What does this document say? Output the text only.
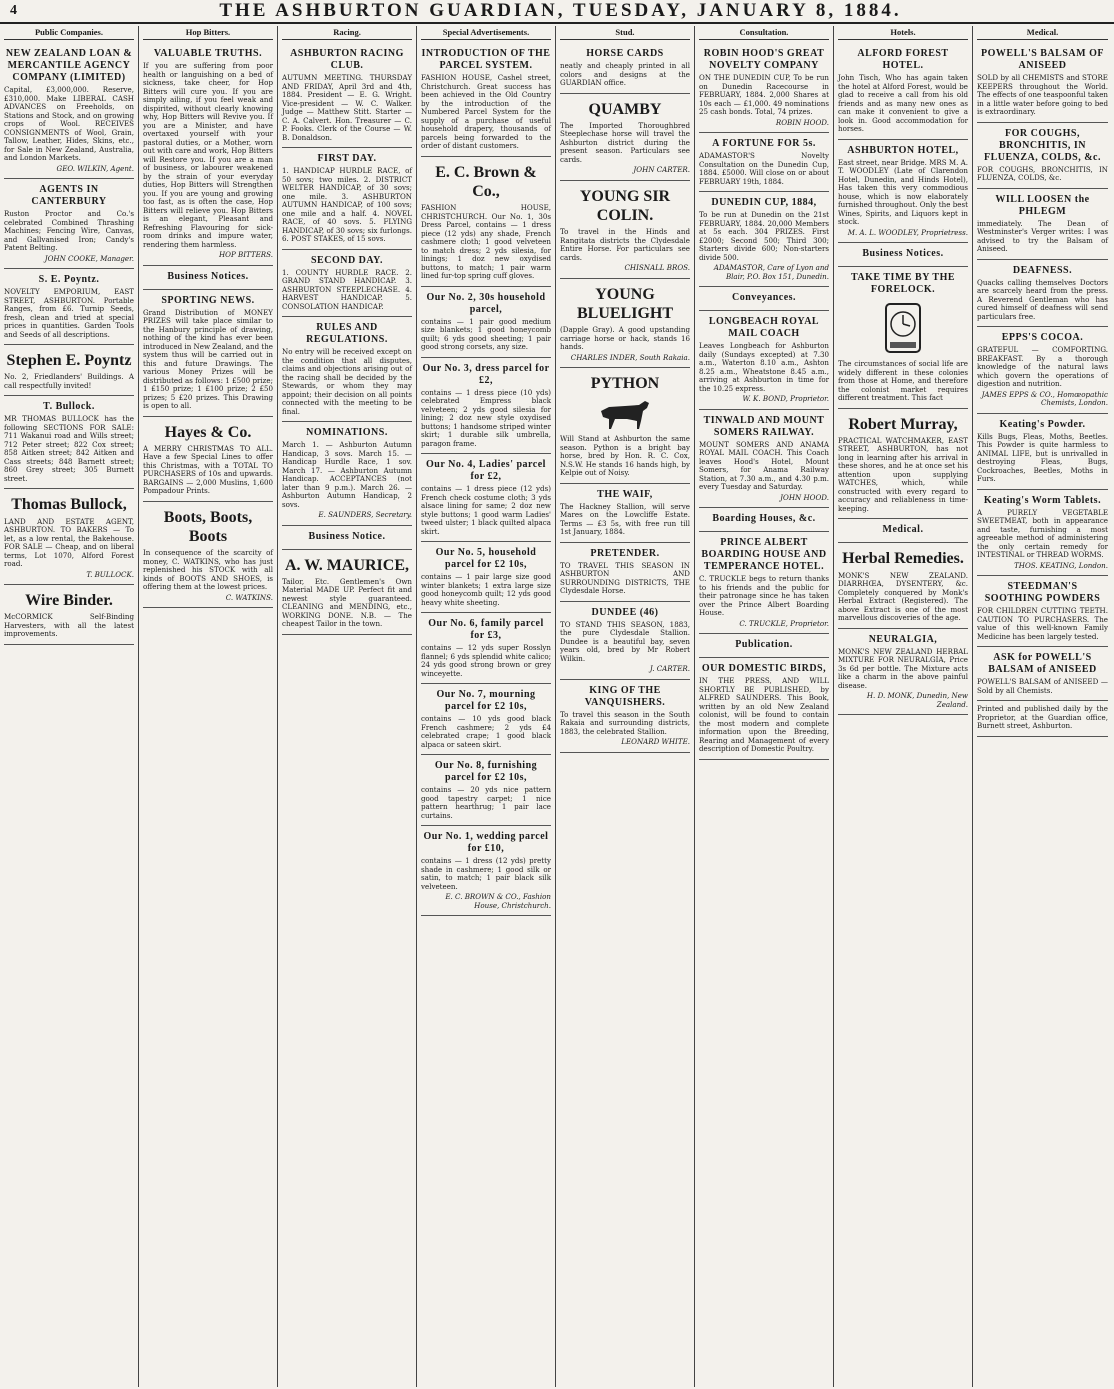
4	THE ASHBURTON GUARDIAN, TUESDAY, JANUARY 8, 1884.
Public Companies.
NEW ZEALAND LOAN & MERCANTILE AGENCY COMPANY (LIMITED)

Capital, £3,000,000. Reserve, £310,000. Make LIBERAL CASH ADVANCES on Freeholds, on Stations and Stock, and on growing crops of Wool. RECEIVES CONSIGNMENTS of Wool, Grain, Tallow, Leather, Hides, Skins, etc., for Sale in New Zealand, Australia, and London Markets.

GEO. WILKIN, Agent.

AGENTS IN CANTERBURY

Ruston Proctor and Co.'s celebrated Combined Thrashing Machines; Fencing Wire, Canvas, and Gallvanised Iron; Candy's Patent Belting.

JOHN COOKE, Manager.

S. E. Poyntz.

NOVELTY EMPORIUM, EAST STREET, ASHBURTON. Portable Ranges, from £6. Turnip Seeds, fresh, clean and tried at special prices in quantities. Garden Tools and Seeds of all descriptions.

Stephen E. Poyntz

No. 2, Friedlanders' Buildings. A call respectfully invited!

T. Bullock.

MR THOMAS BULLOCK has the following SECTIONS FOR SALE: 711 Wakanui road and Wills street; 712 Peter street; 822 Cox street; 858 Aitken street; 842 Aitken and Cass streets; 848 Barnett street; 860 Grey street; 305 Burnett street.

Thomas Bullock,

LAND AND ESTATE AGENT, ASHBURTON. TO BAKERS — To let, as a low rental, the Bakehouse. FOR SALE — Cheap, and on liberal terms, Lot 1070, Alford Forest road.

T. BULLOCK.

Wire Binder.

McCORMICK Self-Binding Harvesters, with all the latest improvements.

Hop Bitters.
VALUABLE TRUTHS.

If you are suffering from poor health or languishing on a bed of sickness, take cheer, for Hop Bitters will cure you. If you are simply ailing, if you feel weak and dispirited, without clearly knowing why, Hop Bitters will Revive you. If you are a Minister, and have overtaxed yourself with your pastoral duties, or a Mother, worn out with care and work, Hop Bitters will Restore you. If you are a man of business, or labourer weakened by the strain of your everyday duties, Hop Bitters will Strengthen you. If you are young and growing too fast, as is often the case, Hop Bitters will relieve you. Hop Bitters is an elegant, Pleasant and Refreshing Flavouring for sick-room drinks and impure water, rendering them harmless.

HOP BITTERS.

Business Notices.
SPORTING NEWS.

Grand Distribution of MONEY PRIZES will take place similar to the Hanbury principle of drawing, nothing of the kind has ever been introduced in New Zealand, and the system thus will be carried out in this and future Drawings. The various Money Prizes will be distributed as follows: 1 £500 prize; 1 £150 prize; 1 £100 prize; 2 £50 prizes; 5 £20 prizes. This Drawing is open to all.

Hayes & Co.

A MERRY CHRISTMAS TO ALL. Have a few Special Lines to offer this Christmas, with a TOTAL TO PURCHASERS of 10s and upwards. BARGAINS — 2,000 Muslins, 1,600 Pompadour Prints.

Boots, Boots, Boots

In consequence of the scarcity of money, C. WATKINS, who has just replenished his STOCK with all kinds of BOOTS AND SHOES, is offering them at the lowest prices.

C. WATKINS.

Racing.
ASHBURTON RACING CLUB.

AUTUMN MEETING. THURSDAY AND FRIDAY, April 3rd and 4th, 1884. President — E. G. Wright. Vice-president — W. C. Walker. Judge — Matthew Stitt. Starter — C. A. Calvert. Hon. Treasurer — C. P. Fooks. Clerk of the Course — W. B. Donaldson.

FIRST DAY.

1. HANDICAP HURDLE RACE, of 50 sovs; two miles. 2. DISTRICT WELTER HANDICAP, of 30 sovs; one mile. 3. ASHBURTON AUTUMN HANDICAP, of 100 sovs; one mile and a half. 4. NOVEL RACE, of 40 sovs. 5. FLYING HANDICAP, of 30 sovs; six furlongs. 6. POST STAKES, of 15 sovs.

SECOND DAY.

1. COUNTY HURDLE RACE. 2. GRAND STAND HANDICAP. 3. ASHBURTON STEEPLECHASE. 4. HARVEST HANDICAP. 5. CONSOLATION HANDICAP.

RULES AND REGULATIONS.

No entry will be received except on the condition that all disputes, claims and objections arising out of the racing shall be decided by the Stewards, or whom they may appoint; their decision on all points connected with the meeting to be final.

NOMINATIONS.

March 1. — Ashburton Autumn Handicap, 3 sovs. March 15. — Handicap Hurdle Race, 1 sov. March 17. — Ashburton Autumn Handicap. ACCEPTANCES (not later than 9 p.m.). March 26. — Ashburton Autumn Handicap, 2 sovs.

E. SAUNDERS, Secretary.

Business Notice.
A. W. MAURICE,

Tailor, Etc. Gentlemen's Own Material MADE UP. Perfect fit and newest style guaranteed. CLEANING and MENDING, etc., WORKING DONE. N.B. — The cheapest Tailor in the town.

Special Advertisements.
INTRODUCTION OF THE PARCEL SYSTEM.

FASHION HOUSE, Cashel street, Christchurch. Great success has been achieved in the Old Country by the introduction of the Numbered Parcel System for the supply of a purchase of useful household drapery, thousands of parcels being forwarded to the order of distant customers.

E. C. Brown & Co.,

FASHION HOUSE, CHRISTCHURCH. Our No. 1, 30s Dress Parcel, contains — 1 dress piece (12 yds) any shade, French cashmere cloth; 1 good velveteen to match dress; 2 yds silesia, for linings; 1 doz new oxydised buttons, to match; 1 pair warm lined fur-top spring cuff gloves.

Our No. 2, 30s household parcel,

contains — 1 pair good medium size blankets; 1 good honeycomb quilt; 6 yds good sheeting; 1 pair good strong corsets, any size.

Our No. 3, dress parcel for £2,

contains — 1 dress piece (10 yds) celebrated Empress black velveteen; 2 yds good silesia for lining; 2 doz new style oxydised buttons; 1 handsome striped winter skirt; 1 durable silk umbrella, paragon frame.

Our No. 4, Ladies' parcel for £2,

contains — 1 dress piece (12 yds) French check costume cloth; 3 yds alsace lining for same; 2 doz new style buttons; 1 good warm Ladies' tweed ulster; 1 black quilted alpaca skirt.

Our No. 5, household parcel for £2 10s,

contains — 1 pair large size good winter blankets; 1 extra large size good honeycomb quilt; 12 yds good heavy white sheeting.

Our No. 6, family parcel for £3,

contains — 12 yds super Rosslyn flannel; 6 yds splendid white calico; 24 yds good strong brown or grey winceyette.

Our No. 7, mourning parcel for £2 10s,

contains — 10 yds good black French cashmere; 2 yds £4 celebrated crape; 1 good black alpaca or sateen skirt.

Our No. 8, furnishing parcel for £2 10s,

contains — 20 yds nice pattern good tapestry carpet; 1 nice pattern hearthrug; 1 pair lace curtains.

Our No. 1, wedding parcel for £10,

contains — 1 dress (12 yds) pretty shade in cashmere; 1 good silk or satin, to match; 1 pair black silk velveteen.

E. C. BROWN & CO., Fashion House, Christchurch.

Stud.
HORSE CARDS

neatly and cheaply printed in all colors and designs at the GUARDIAN office.

QUAMBY

The Imported Thoroughbred Steeplechase horse will travel the Ashburton district during the present season. Particulars see cards.

JOHN CARTER.

YOUNG SIR COLIN.

To travel in the Hinds and Rangitata districts the Clydesdale Entire Horse. For particulars see cards.

CHISNALL BROS.

YOUNG BLUELIGHT

(Dapple Gray). A good upstanding carriage horse or hack, stands 16 hands.

CHARLES INDER, South Rakaia.

PYTHON

Will Stand at Ashburton the same season. Python is a bright bay horse, bred by Hon. R. C. Cox, N.S.W. He stands 16 hands high, by Kelpie out of Noisy.

THE WAIF,

The Hackney Stallion, will serve Mares on the Lowcliffe Estate. Terms — £3 5s, with free run till 1st January, 1884.

PRETENDER.

TO TRAVEL THIS SEASON IN ASHBURTON AND SURROUNDING DISTRICTS, THE Clydesdale Horse.

DUNDEE (46)

TO STAND THIS SEASON, 1883, the pure Clydesdale Stallion. Dundee is a beautiful bay, seven years old, bred by Mr Robert Wilkin.

J. CARTER.

KING OF THE VANQUISHERS.

To travel this season in the South Rakaia and surrounding districts, 1883, the celebrated Stallion.

LEONARD WHITE.

Consultation.
ROBIN HOOD'S GREAT NOVELTY COMPANY

ON THE DUNEDIN CUP, To be run on Dunedin Racecourse in FEBRUARY, 1884. 2,000 Shares at 10s each — £1,000. 49 nominations 25 cash bonds. Total, 74 prizes.

ROBIN HOOD.

A FORTUNE FOR 5s.

ADAMASTOR'S Novelty Consultation on the Dunedin Cup, 1884. £5000. Will close on or about FEBRUARY 19th, 1884.

DUNEDIN CUP, 1884,

To be run at Dunedin on the 21st FEBRUARY, 1884. 20,000 Members at 5s each. 304 PRIZES. First £2000; Second 500; Third 300; Starters divide 600; Non-starters divide 500.

ADAMASTOR, Care of Lyon and Blair, P.O. Box 151, Dunedin.

Conveyances.
LONGBEACH ROYAL MAIL COACH

Leaves Longbeach for Ashburton daily (Sundays excepted) at 7.30 a.m., Waterton 8.10 a.m., Ashton 8.25 a.m., Wheatstone 8.45 a.m., arriving at Ashburton in time for the 10.25 express.

W. K. BOND, Proprietor.

TINWALD AND MOUNT SOMERS RAILWAY.

MOUNT SOMERS AND ANAMA ROYAL MAIL COACH. This Coach leaves Hood's Hotel, Mount Somers, for Anama Railway Station, at 7.30 a.m., and 4.30 p.m. every Tuesday and Saturday.

JOHN HOOD.

Boarding Houses, &c.
PRINCE ALBERT BOARDING HOUSE AND TEMPERANCE HOTEL.

C. TRUCKLE begs to return thanks to his friends and the public for their patronage since he has taken over the Prince Albert Boarding House.

C. TRUCKLE, Proprietor.

Publication.
OUR DOMESTIC BIRDS,

IN THE PRESS, AND WILL SHORTLY BE PUBLISHED, by ALFRED SAUNDERS. This Book, written by an old New Zealand colonist, will be found to contain the most modern and complete information upon the Breeding, Rearing and Management of every description of Domestic Poultry.

Hotels.
ALFORD FOREST HOTEL.

John Tisch, Who has again taken the hotel at Alford Forest, would be glad to receive a call from his old friends and as many new ones as can make it convenient to give a look in. Good accommodation for horses.

ASHBURTON HOTEL,

East street, near Bridge. MRS M. A. T. WOODLEY (Late of Clarendon Hotel, Dunedin, and Hinds Hotel), Has taken this very commodious house, which is now elaborately furnished throughout. Only the best Wines, Spirits, and Liquors kept in stock.

M. A. L. WOODLEY, Proprietress.

Business Notices.
TAKE TIME BY THE FORELOCK.

The circumstances of social life are widely different in these colonies from those at Home, and therefore the colonist market requires different treatment. This fact

Robert Murray,

PRACTICAL WATCHMAKER, EAST STREET, ASHBURTON, has not long in learning after his arrival in these shores, and he at once set his attention upon supplying WATCHES, which, while constructed with every regard to accuracy and reliableness in time-keeping.

Medical.
Herbal Remedies.

MONK'S NEW ZEALAND. DIARRHŒA, DYSENTERY, &c. Completely conquered by Monk's Herbal Extract (Registered). The above Extract is one of the most marvellous discoveries of the age.

NEURALGIA,

MONK'S NEW ZEALAND HERBAL MIXTURE FOR NEURALGIA, Price 3s 6d per bottle. The Mixture acts like a charm in the above painful disease.

H. D. MONK, Dunedin, New Zealand.

Medical.
POWELL'S BALSAM OF ANISEED

SOLD by all CHEMISTS and STORE KEEPERS throughout the World. The effects of one teaspoonful taken in a little water before going to bed is extraordinary.

FOR COUGHS, BRONCHITIS, IN FLUENZA, COLDS, &c.

FOR COUGHS, BRONCHITIS, IN FLUENZA, COLDS, &c.

WILL LOOSEN the PHLEGM

immediately. The Dean of Westminster's Verger writes: I was advised to try the Balsam of Aniseed.

DEAFNESS.

Quacks calling themselves Doctors are scarcely heard from the press. A Reverend Gentleman who has cured himself of deafness will send particulars free.

EPPS'S COCOA.

GRATEFUL — COMFORTING. BREAKFAST. By a thorough knowledge of the natural laws which govern the operations of digestion and nutrition.

JAMES EPPS & CO., Homœopathic Chemists, London.

Keating's Powder.

Kills Bugs, Fleas, Moths, Beetles. This Powder is quite harmless to ANIMAL LIFE, but is unrivalled in destroying Fleas, Bugs, Cockroaches, Beetles, Moths in Furs.

Keating's Worm Tablets.

A PURELY VEGETABLE SWEETMEAT, both in appearance and taste, furnishing a most agreeable method of administering the only certain remedy for INTESTINAL or THREAD WORMS.

THOS. KEATING, London.

STEEDMAN'S SOOTHING POWDERS

FOR CHILDREN CUTTING TEETH. CAUTION TO PURCHASERS. The value of this well-known Family Medicine has been largely tested.

ASK for POWELL'S BALSAM of ANISEED

POWELL'S BALSAM of ANISEED — Sold by all Chemists.

Printed and published daily by the Proprietor, at the Guardian office, Burnett street, Ashburton.
